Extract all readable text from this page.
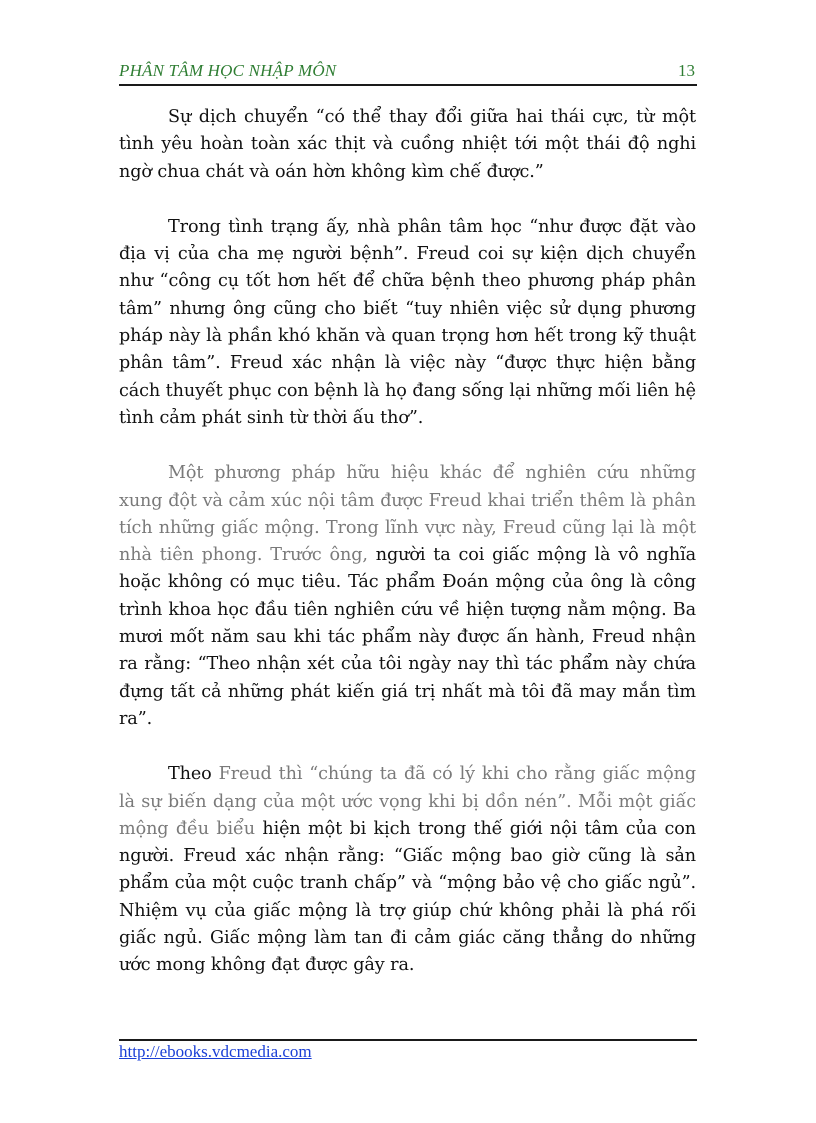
PHÂN TÂM HỌC NHẬP MÔN	13

Sự dịch chuyển “có thể thay đổi giữa hai thái cực, từ một tình yêu hoàn toàn xác thịt và cuồng nhiệt tới một thái độ nghi ngờ chua chát và oán hờn không kìm chế được.”

Trong tình trạng ấy, nhà phân tâm học “như được đặt vào địa vị của cha mẹ người bệnh”. Freud coi sự kiện dịch chuyển như “công cụ tốt hơn hết để chữa bệnh theo phương pháp phân tâm” nhưng ông cũng cho biết “tuy nhiên việc sử dụng phương pháp này là phần khó khăn và quan trọng hơn hết trong kỹ thuật phân tâm”. Freud xác nhận là việc này “được thực hiện bằng cách thuyết phục con bệnh là họ đang sống lại những mối liên hệ tình cảm phát sinh từ thời ấu thơ”.

Một phương pháp hữu hiệu khác để nghiên cứu những xung đột và cảm xúc nội tâm được Freud khai triển thêm là phân tích những giấc mộng. Trong lĩnh vực này, Freud cũng lại là một nhà tiên phong. Trước ông, người ta coi giấc mộng là vô nghĩa hoặc không có mục tiêu. Tác phẩm Đoán mộng của ông là công trình khoa học đầu tiên nghiên cứu về hiện tượng nằm mộng. Ba mươi mốt năm sau khi tác phẩm này được ấn hành, Freud nhận ra rằng: “Theo nhận xét của tôi ngày nay thì tác phẩm này chứa đựng tất cả những phát kiến giá trị nhất mà tôi đã may mắn tìm ra”.

Theo Freud thì “chúng ta đã có lý khi cho rằng giấc mộng là sự biến dạng của một ước vọng khi bị dồn nén”. Mỗi một giấc mộng đều biểu hiện một bi kịch trong thế giới nội tâm của con người. Freud xác nhận rằng: “Giấc mộng bao giờ cũng là sản phẩm của một cuộc tranh chấp” và “mộng bảo vệ cho giấc ngủ”. Nhiệm vụ của giấc mộng là trợ giúp chứ không phải là phá rối giấc ngủ. Giấc mộng làm tan đi cảm giác căng thẳng do những ước mong không đạt được gây ra.

http://ebooks.vdcmedia.com
